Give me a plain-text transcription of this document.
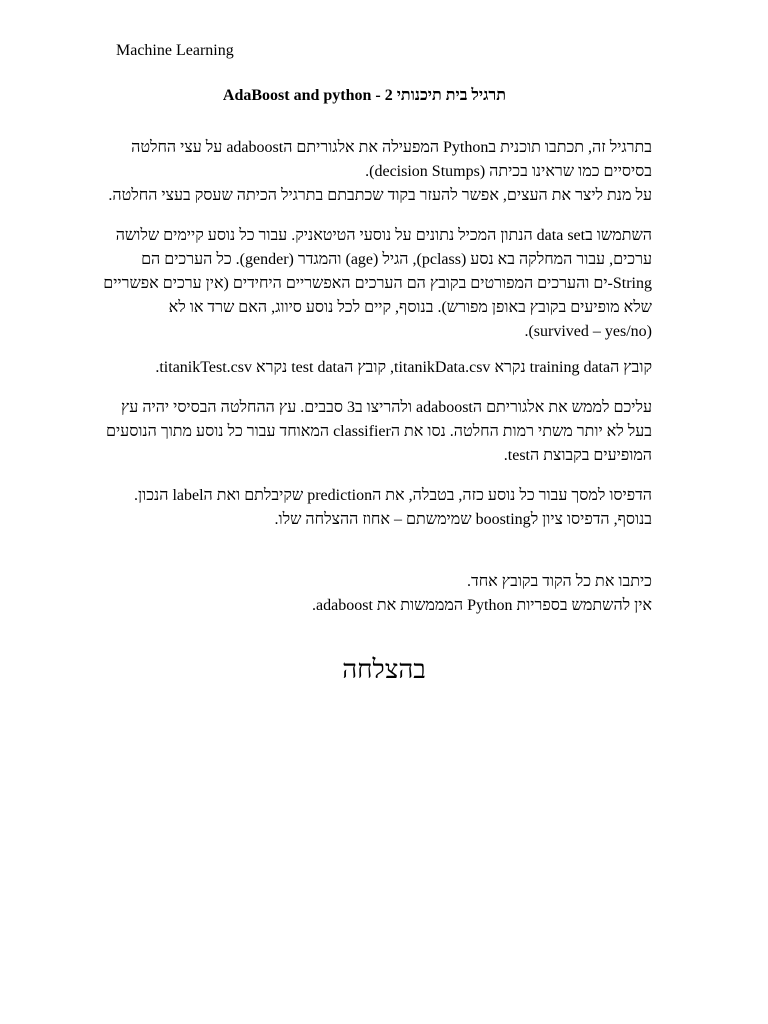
Machine Learning
תרגיל בית תיכנותי 2 - AdaBoost and python
בתרגיל זה, תכתבו תוכנית בPython המפעילה את אלגוריתם הadaboost על עצי החלטה
בסיסיים כמו שראינו בכיתה (decision Stumps).
על מנת ליצר את העצים, אפשר להעזר בקוד שכתבתם בתרגיל הכיתה שעסק בעצי החלטה.
השתמשו בdata set הנתון המכיל נתונים על נוסעי הטיטאניק. עבור כל נוסע קיימים שלושה
ערכים, עבור המחלקה בא נסע (pclass), הגיל (age) והמגדר (gender). כל הערכים הם
String-ים והערכים המפורטים בקובץ הם הערכים האפשריים היחידים (אין ערכים אפשריים
שלא מופיעים בקובץ באופן מפורש). בנוסף, קיים לכל נוסע סיווג, האם שרד או לא
(survived – yes/no).
קובץ הtraining data נקרא titanikData.csv, קובץ הtest data נקרא titanikTest.csv.
עליכם לממש את אלגוריתם הadaboost ולהריצו ב3 סבבים. עץ ההחלטה הבסיסי יהיה עץ
בעל לא יותר משתי רמות החלטה. נסו את הclassifier המאוחד עבור כל נוסע מתוך הנוסעים
המופיעים בקבוצת הtest.
הדפיסו למסך עבור כל נוסע כזה, בטבלה, את הprediction שקיבלתם ואת הlabel הנכון.
בנוסף, הדפיסו ציון לboosting שמימשתם – אחוז ההצלחה שלו.
כיתבו את כל הקוד בקובץ אחד.
אין להשתמש בספריות Python המממשות את adaboost.
בהצלחה
